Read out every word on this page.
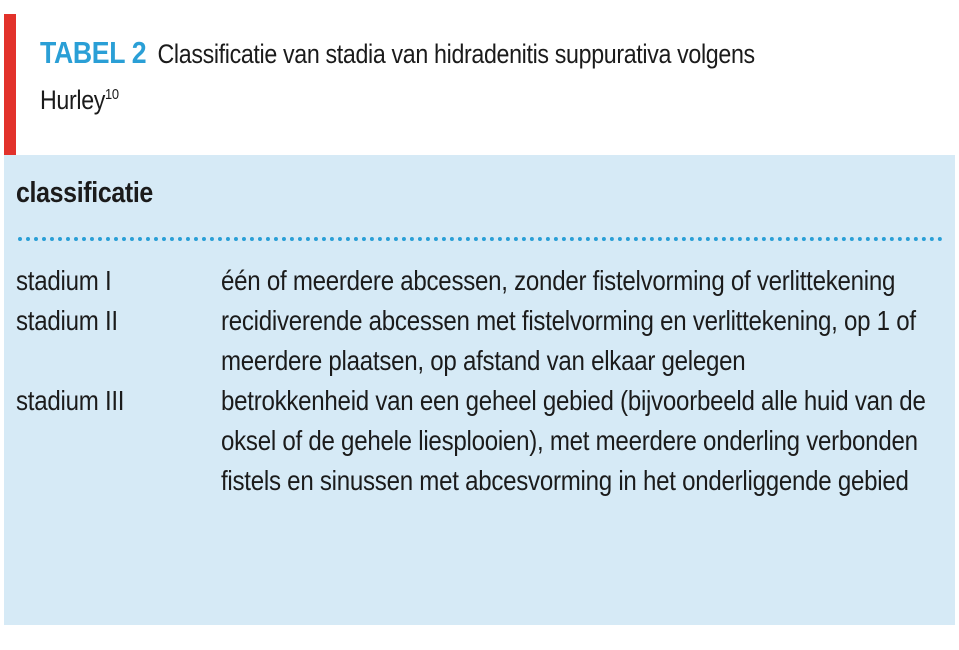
TABEL 2 Classificatie van stadia van hidradenitis suppurativa volgens Hurley$^{10}$
classificatie
stadium I	één of meerdere abcessen, zonder fistelvorming of verlittekening
stadium II	recidiverende abcessen met fistelvorming en verlittekening, op 1 of meerdere plaatsen, op afstand van elkaar gelegen
stadium III	betrokkenheid van een geheel gebied (bijvoorbeeld alle huid van de oksel of de gehele liesplooien), met meerdere onderling verbonden fistels en sinussen met abcesvorming in het onderliggende gebied
